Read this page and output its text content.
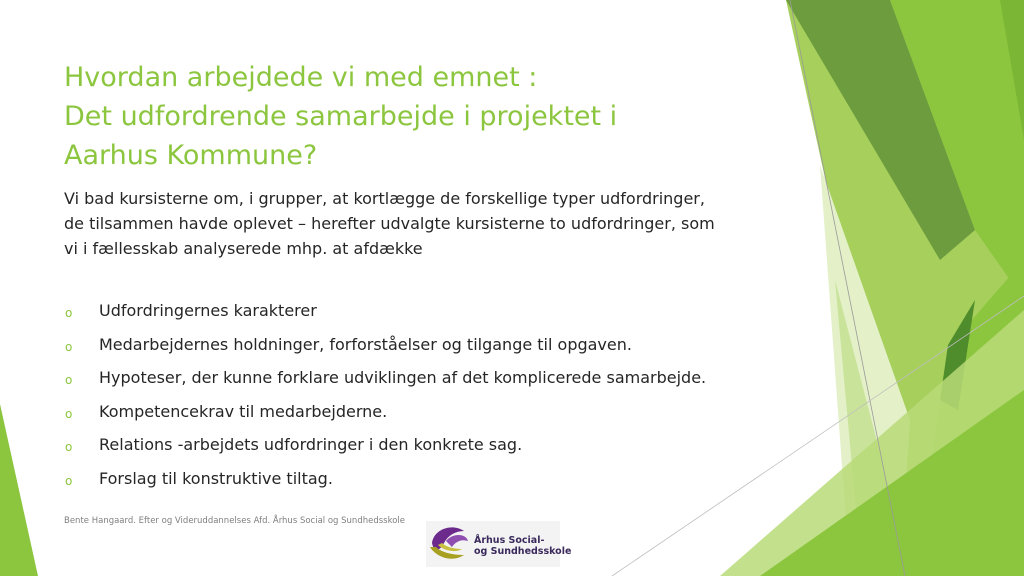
Hvordan arbejdede vi med emnet :
Det udfordrende samarbejde i projektet i
Aarhus Kommune?

Vi bad kursisterne om, i grupper, at kortlægge de forskellige typer udfordringer,
de tilsammen havde oplevet – herefter udvalgte kursisterne to udfordringer, som
vi i fællesskab analyserede mhp. at afdække

o Udfordringernes karakterer
o Medarbejdernes holdninger, forforståelser og tilgange til opgaven.
o Hypoteser, der kunne forklare udviklingen af det komplicerede samarbejde.
o Kompetencekrav til medarbejderne.
o Relations -arbejdets udfordringer i den konkrete sag.
o Forslag til konstruktive tiltag.
Bente Hangaard. Efter og Videruddannelses Afd. Århus Social og Sundhedsskole
Århus Social-
og Sundhedsskole
